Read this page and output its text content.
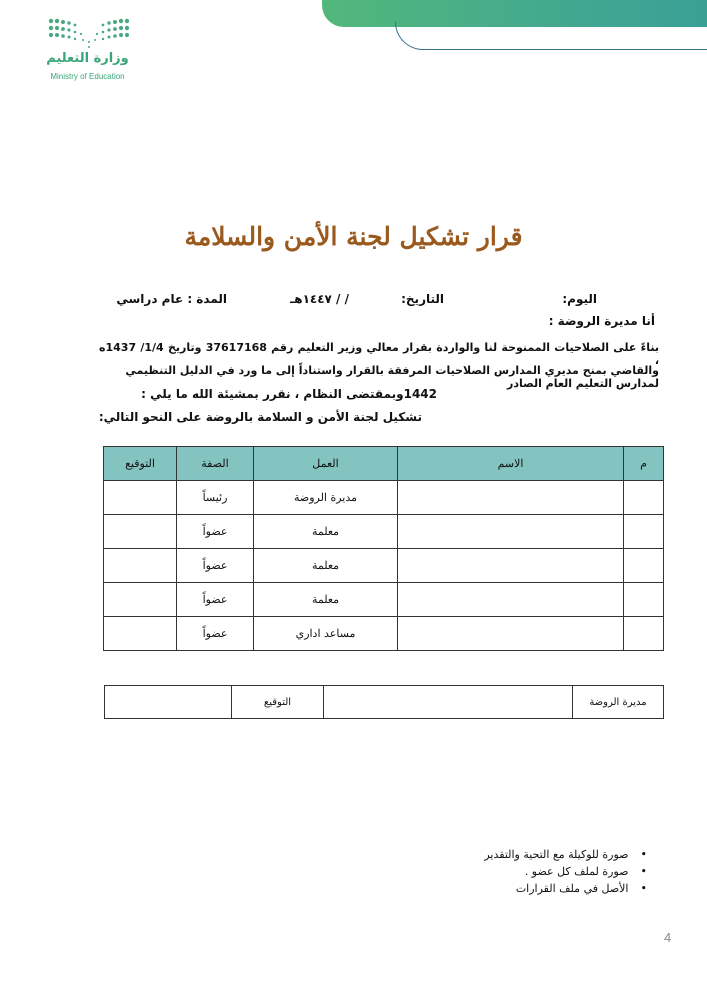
وزارة التعليم
Ministry of Education
قرار تشكيل لجنة الأمن والسلامة
اليوم:
التاريخ:
/ / ١٤٤٧هـ
المدة : عام دراسي
أنا مديرة الروضة :
بناءً على الصلاحيات الممنوحة لنا والواردة بقرار معالي وزير التعليم رقم 37617168 وتاريخ 1/4/ 1437ه ،
والقاضي بمنح مديري المدارس الصلاحيات المرفقة بالقرار واستناداً إلى ما ورد في الدليل التنظيمي لمدارس التعليم العام الصادر
1442وبمقتضى النظام ، نقرر بمشيئة الله ما يلي :
تشكيل لجنة الأمن و السلامة بالروضة على النحو التالي:
م	الاسم	العمل	الصفة	التوقيع
		مديرة الروضة	رئيساً	
		معلمة	عضواً	
		معلمة	عضواً	
		معلمة	عضواً	
		مساعد اداري	عضواً	
مديرة الروضة		التوقيع	
• صورة للوكيلة مع التحية والتقدير
• صورة لملف كل عضو .
• الأصل في ملف القرارات
4
